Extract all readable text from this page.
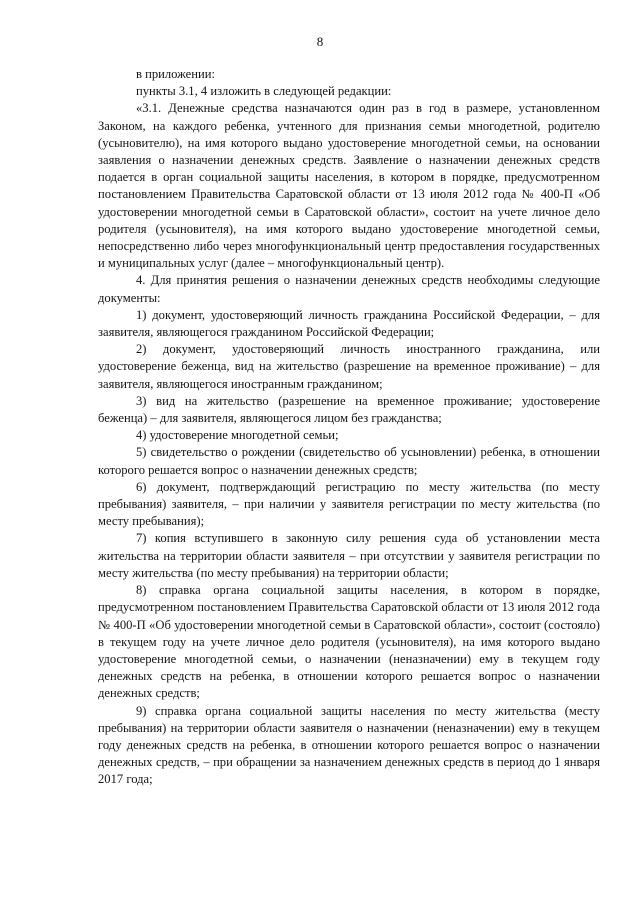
8

в приложении:

пункты 3.1, 4 изложить в следующей редакции:

«3.1. Денежные средства назначаются один раз в год в размере, установленном Законом, на каждого ребенка, учтенного для признания семьи многодетной, родителю (усыновителю), на имя которого выдано удостоверение многодетной семьи, на основании заявления о назначении денежных средств. Заявление о назначении денежных средств подается в орган социальной защиты населения, в котором в порядке, предусмотренном постановлением Правительства Саратовской области от 13 июля 2012 года № 400-П «Об удостоверении многодетной семьи в Саратовской области», состоит на учете личное дело родителя (усыновителя), на имя которого выдано удостоверение многодетной семьи, непосредственно либо через многофункциональный центр предоставления государственных и муниципальных услуг (далее – многофункциональный центр).

4. Для принятия решения о назначении денежных средств необходимы следующие документы:

1) документ, удостоверяющий личность гражданина Российской Федерации, – для заявителя, являющегося гражданином Российской Федерации;

2) документ, удостоверяющий личность иностранного гражданина, или удостоверение беженца, вид на жительство (разрешение на временное проживание) – для заявителя, являющегося иностранным гражданином;

3) вид на жительство (разрешение на временное проживание; удостоверение беженца) – для заявителя, являющегося лицом без гражданства;

4) удостоверение многодетной семьи;

5) свидетельство о рождении (свидетельство об усыновлении) ребенка, в отношении которого решается вопрос о назначении денежных средств;

6) документ, подтверждающий регистрацию по месту жительства (по месту пребывания) заявителя, – при наличии у заявителя регистрации по месту жительства (по месту пребывания);

7) копия вступившего в законную силу решения суда об установлении места жительства на территории области заявителя – при отсутствии у заявителя регистрации по месту жительства (по месту пребывания) на территории области;

8) справка органа социальной защиты населения, в котором в порядке, предусмотренном постановлением Правительства Саратовской области от 13 июля 2012 года № 400-П «Об удостоверении многодетной семьи в Саратовской области», состоит (состояло) в текущем году на учете личное дело родителя (усыновителя), на имя которого выдано удостоверение многодетной семьи, о назначении (неназначении) ему в текущем году денежных средств на ребенка, в отношении которого решается вопрос о назначении денежных средств;

9) справка органа социальной защиты населения по месту жительства (месту пребывания) на территории области заявителя о назначении (неназначении) ему в текущем году денежных средств на ребенка, в отношении которого решается вопрос о назначении денежных средств, – при обращении за назначением денежных средств в период до 1 января 2017 года;
